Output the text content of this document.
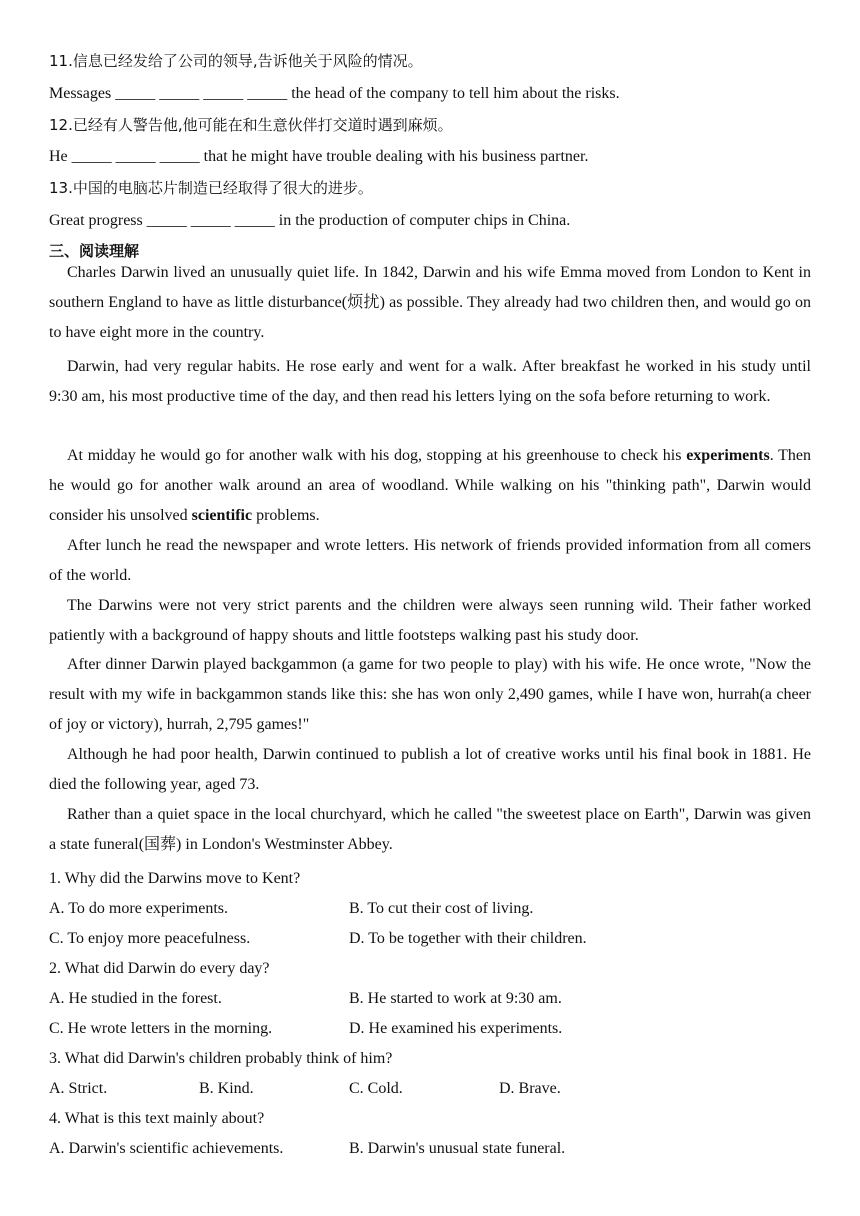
11.信息已经发给了公司的领导,告诉他关于风险的情况。
Messages _____ _____ _____ _____ the head of the company to tell him about the risks.
12.已经有人警告他,他可能在和生意伙伴打交道时遇到麻烦。
He _____ _____ _____ that he might have trouble dealing with his business partner.
13.中国的电脑芯片制造已经取得了很大的进步。
Great progress _____ _____ _____ in the production of computer chips in China.
三、阅读理解
Charles Darwin lived an unusually quiet life. In 1842, Darwin and his wife Emma moved from London to Kent in southern England to have as little disturbance(烦扰) as possible. They already had two children then, and would go on to have eight more in the country.
Darwin, had very regular habits. He rose early and went for a walk. After breakfast he worked in his study until 9:30 am, his most productive time of the day, and then read his letters lying on the sofa before returning to work.
At midday he would go for another walk with his dog, stopping at his greenhouse to check his experiments. Then he would go for another walk around an area of woodland. While walking on his "thinking path", Darwin would consider his unsolved scientific problems.
After lunch he read the newspaper and wrote letters. His network of friends provided information from all comers of the world.
The Darwins were not very strict parents and the children were always seen running wild. Their father worked patiently with a background of happy shouts and little footsteps walking past his study door.
After dinner Darwin played backgammon (a game for two people to play) with his wife. He once wrote, "Now the result with my wife in backgammon stands like this: she has won only 2,490 games, while I have won, hurrah(a cheer of joy or victory), hurrah, 2,795 games!"
Although he had poor health, Darwin continued to publish a lot of creative works until his final book in 1881. He died the following year, aged 73.
Rather than a quiet space in the local churchyard, which he called "the sweetest place on Earth", Darwin was given a state funeral(国葬) in London's Westminster Abbey.
1. Why did the Darwins move to Kent?
A. To do more experiments.	B. To cut their cost of living.
C. To enjoy more peacefulness.	D. To be together with their children.
2. What did Darwin do every day?
A. He studied in the forest.	B. He started to work at 9:30 am.
C. He wrote letters in the morning.	D. He examined his experiments.
3. What did Darwin's children probably think of him?
A. Strict.	B. Kind.	C. Cold.	D. Brave.
4. What is this text mainly about?
A. Darwin's scientific achievements.	B. Darwin's unusual state funeral.
